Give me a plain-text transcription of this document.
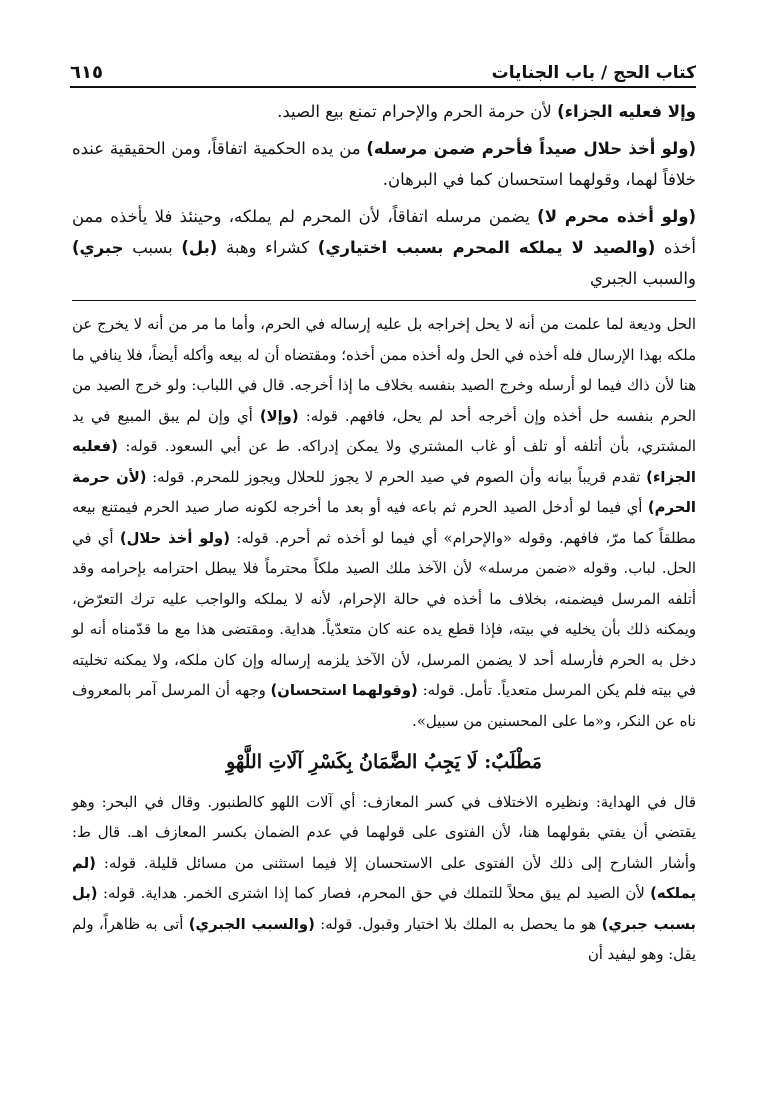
كتاب الحج / باب الجنايات
٦١٥

وإلا فعليه الجزاء) لأن حرمة الحرم والإحرام تمنع بيع الصيد.

(ولو أخذ حلال صيداً فأحرم ضمن مرسله) من يده الحكمية اتفاقاً، ومن الحقيقية عنده خلافاً لهما، وقولهما استحسان كما في البرهان.

(ولو أخذه محرم لا) يضمن مرسله اتفاقاً، لأن المحرم لم يملكه، وحينئذ فلا يأخذه ممن أخذه (والصيد لا يملكه المحرم بسبب اختياري) كشراء وهبة (بل) بسبب جبري) والسبب الجبري

الحل وديعة لما علمت من أنه لا يحل إخراجه بل عليه إرساله في الحرم، وأما ما مر من أنه لا يخرج عن ملكه بهذا الإرسال فله أخذه في الحل وله أخذه ممن أخذه؛ ومقتضاه أن له بيعه وأكله أيضاً، فلا ينافي ما هنا لأن ذاك فيما لو أرسله وخرج الصيد بنفسه بخلاف ما إذا أخرجه. قال في اللباب: ولو خرج الصيد من الحرم بنفسه حل أخذه وإن أخرجه أحد لم يحل، فافهم. قوله: (وإلا) أي وإن لم يبق المبيع في يد المشتري، بأن أتلفه أو تلف أو غاب المشتري ولا يمكن إدراكه. ط عن أبي السعود. قوله: (فعليه الجزاء) تقدم قريباً بيانه وأن الصوم في صيد الحرم لا يجوز للحلال ويجوز للمحرم. قوله: (لأن حرمة الحرم) أي فيما لو أدخل الصيد الحرم ثم باعه فيه أو بعد ما أخرجه لكونه صار صيد الحرم فيمتنع بيعه مطلقاً كما مرّ، فافهم. وقوله «والإحرام» أي فيما لو أخذه ثم أحرم. قوله: (ولو أخذ حلال) أي في الحل. لباب. وقوله «ضمن مرسله» لأن الآخذ ملك الصيد ملكاً محترماً فلا يبطل احترامه بإحرامه وقد أتلفه المرسل فيضمنه، بخلاف ما أخذه في حالة الإحرام، لأنه لا يملكه والواجب عليه ترك التعرّض، ويمكنه ذلك بأن يخليه في بيته، فإذا قطع يده عنه كان متعدّياً. هداية. ومقتضى هذا مع ما قدّمناه أنه لو دخل به الحرم فأرسله أحد لا يضمن المرسل، لأن الآخذ يلزمه إرساله وإن كان ملكه، ولا يمكنه تخليته في بيته فلم يكن المرسل متعدياً. تأمل. قوله: (وقولهما استحسان) وجهه أن المرسل آمر بالمعروف ناه عن النكر، و«ما على المحسنين من سبيل».

مَطْلَبٌ: لَا يَجِبُ الضَّمَانُ بِكَسْرِ آلَاتِ اللَّهْوِ

قال في الهداية: ونظيره الاختلاف في كسر المعازف: أي آلات اللهو كالطنبور. وقال في البحر: وهو يقتضي أن يفتي بقولهما هنا، لأن الفتوى على قولهما في عدم الضمان بكسر المعازف اهـ. قال ط: وأشار الشارح إلى ذلك لأن الفتوى على الاستحسان إلا فيما استثنى من مسائل قليلة. قوله: (لم يملكه) لأن الصيد لم يبق محلاً للتملك في حق المحرم، فصار كما إذا اشترى الخمر. هداية. قوله: (بل بسبب جبري) هو ما يحصل به الملك بلا اختيار وقبول. قوله: (والسبب الجبري) أتى به ظاهراً، ولم يقل: وهو ليفيد أن
